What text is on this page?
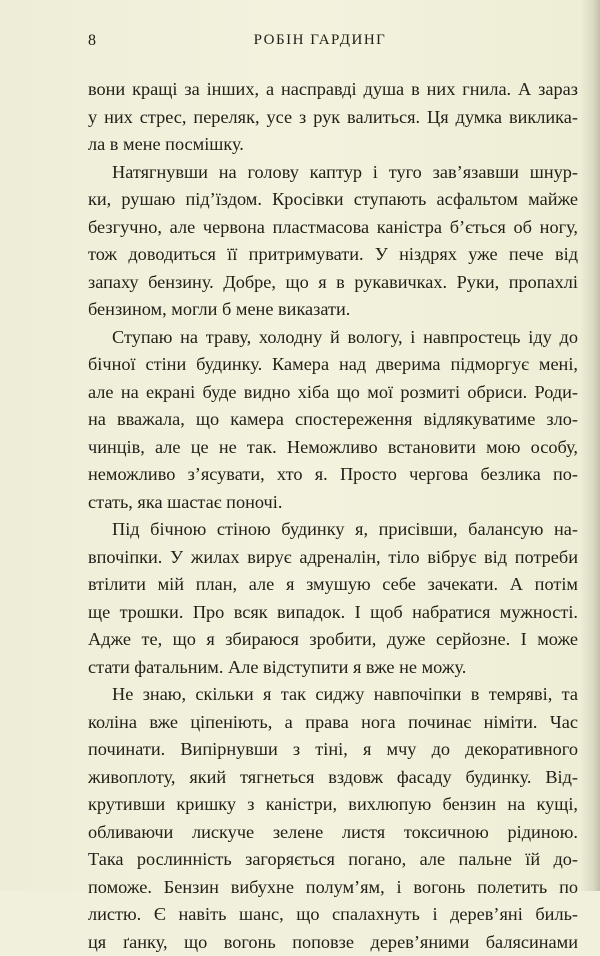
8	РОБІН ГАРДИНГ
вони кращі за інших, а насправді душа в них гнила. А зараз
у них стрес, переляк, усе з рук валиться. Ця думка виклика-
ла в мене посмішку.
Натягнувши на голову каптур і туго зав’язавши шнур-
ки, рушаю під’їздом. Кросівки ступають асфальтом майже
безгучно, але червона пластмасова каністра б’ється об ногу,
тож доводиться її притримувати. У ніздрях уже пече від
запаху бензину. Добре, що я в рукавичках. Руки, пропахлі
бензином, могли б мене виказати.
Ступаю на траву, холодну й вологу, і навпростець іду до
бічної стіни будинку. Камера над дверима підморгує мені,
але на екрані буде видно хіба що мої розмиті обриси. Роди-
на вважала, що камера спостереження відлякуватиме зло-
чинців, але це не так. Неможливо встановити мою особу,
неможливо з’ясувати, хто я. Просто чергова безлика по-
стать, яка шастає поночі.
Під бічною стіною будинку я, присівши, балансую на-
впочіпки. У жилах вирує адреналін, тіло вібрує від потреби
втілити мій план, але я змушую себе зачекати. А потім
ще трошки. Про всяк випадок. І щоб набратися мужності.
Адже те, що я збираюся зробити, дуже серйозне. І може
стати фатальним. Але відступити я вже не можу.
Не знаю, скільки я так сиджу навпочіпки в темряві, та
коліна вже ціпеніють, а права нога починає німіти. Час
починати. Випірнувши з тіні, я мчу до декоративного
живоплоту, який тягнеться вздовж фасаду будинку. Від-
крутивши кришку з каністри, вихлюпую бензин на кущі,
обливаючи лискуче зелене листя токсичною рідиною.
Така рослинність загоряється погано, але пальне їй до-
поможе. Бензин вибухне полум’ям, і вогонь полетить по
листю. Є навіть шанс, що спалахнуть і дерев’яні биль-
ця ґанку, що вогонь поповзе дерев’яними балясинами
